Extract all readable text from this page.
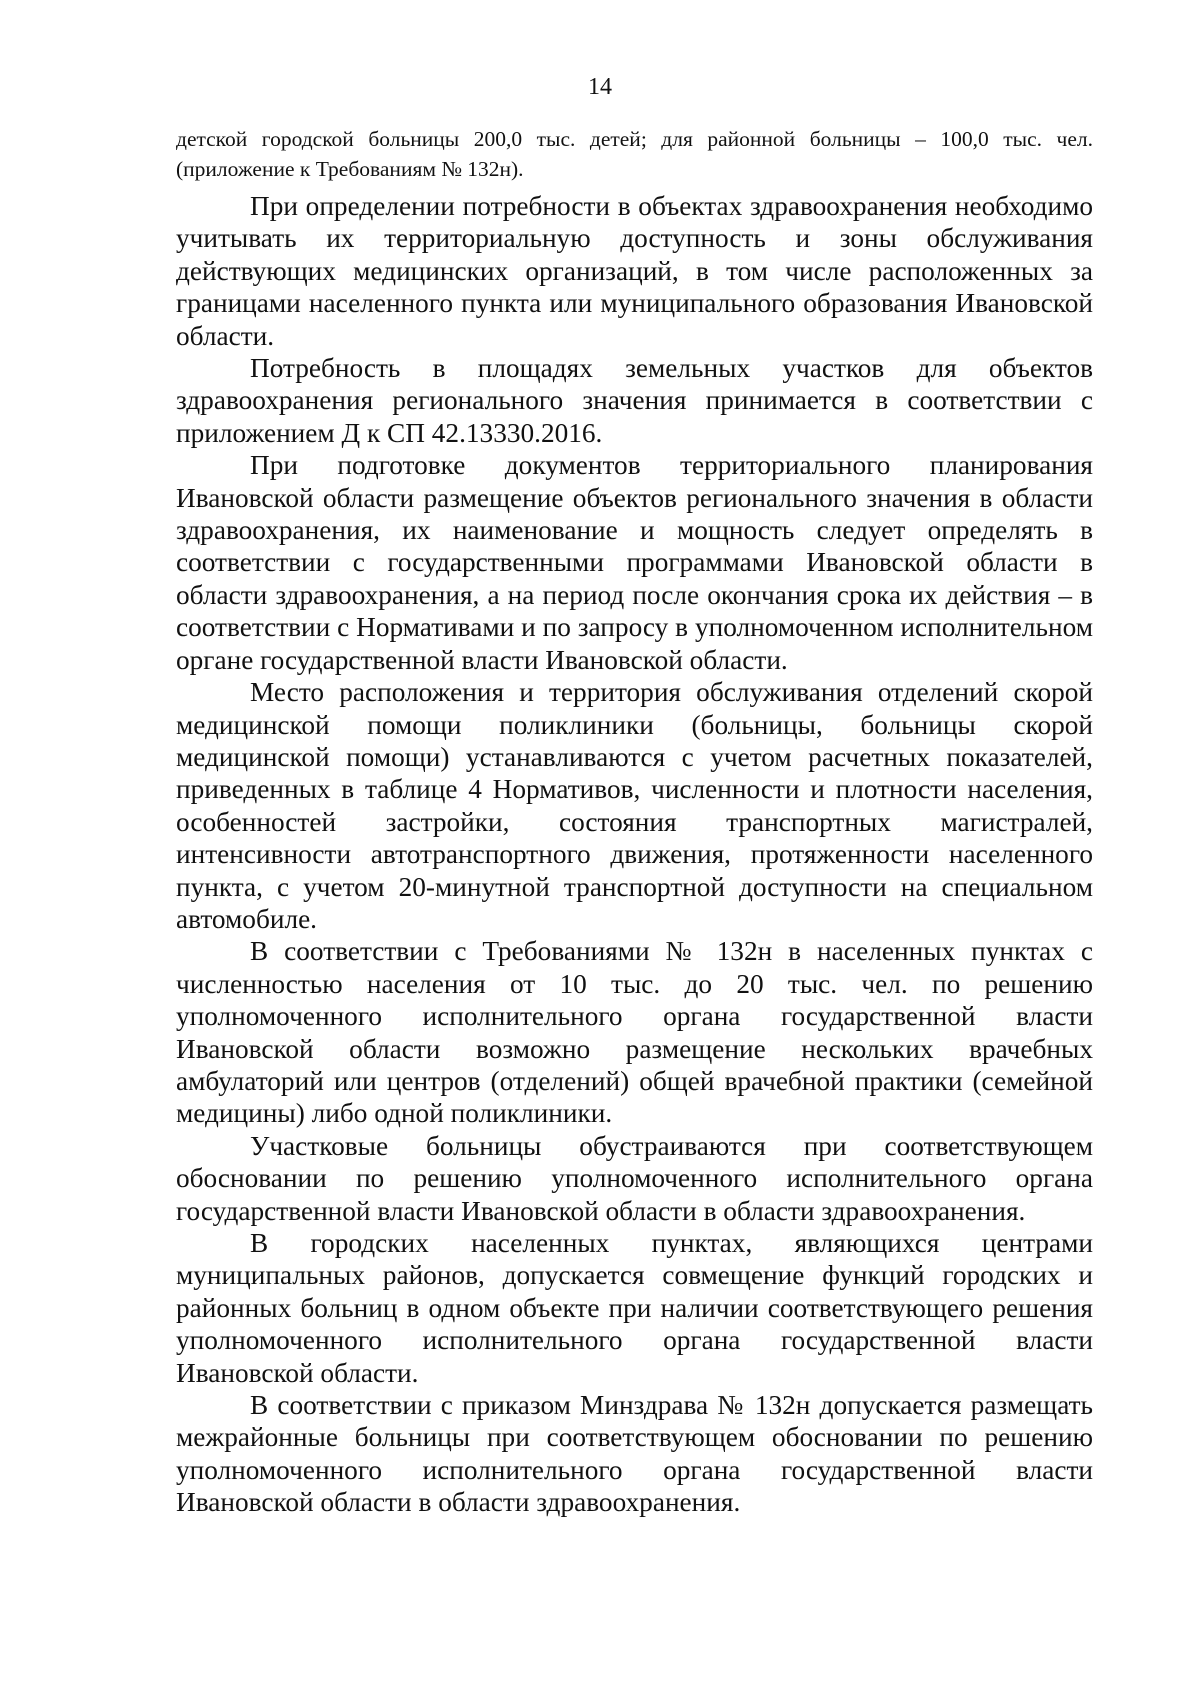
14

детской городской больницы 200,0 тыс. детей; для районной больницы – 100,0 тыс. чел. (приложение к Требованиям № 132н).

При определении потребности в объектах здравоохранения необходимо учитывать их территориальную доступность и зоны обслуживания действующих медицинских организаций, в том числе расположенных за границами населенного пункта или муниципального образования Ивановской области.

Потребность в площадях земельных участков для объектов здравоохранения регионального значения принимается в соответствии с приложением Д к СП 42.13330.2016.

При подготовке документов территориального планирования Ивановской области размещение объектов регионального значения в области здравоохранения, их наименование и мощность следует определять в соответствии с государственными программами Ивановской области в области здравоохранения, а на период после окончания срока их действия – в соответствии с Нормативами и по запросу в уполномоченном исполнительном органе государственной власти Ивановской области.

Место расположения и территория обслуживания отделений скорой медицинской помощи поликлиники (больницы, больницы скорой медицинской помощи) устанавливаются с учетом расчетных показателей, приведенных в таблице 4 Нормативов, численности и плотности населения, особенностей застройки, состояния транспортных магистралей, интенсивности автотранспортного движения, протяженности населенного пункта, с учетом 20-минутной транспортной доступности на специальном автомобиле.

В соответствии с Требованиями № 132н в населенных пунктах с численностью населения от 10 тыс. до 20 тыс. чел. по решению уполномоченного исполнительного органа государственной власти Ивановской области возможно размещение нескольких врачебных амбулаторий или центров (отделений) общей врачебной практики (семейной медицины) либо одной поликлиники.

Участковые больницы обустраиваются при соответствующем обосновании по решению уполномоченного исполнительного органа государственной власти Ивановской области в области здравоохранения.

В городских населенных пунктах, являющихся центрами муниципальных районов, допускается совмещение функций городских и районных больниц в одном объекте при наличии соответствующего решения уполномоченного исполнительного органа государственной власти Ивановской области.

В соответствии с приказом Минздрава № 132н допускается размещать межрайонные больницы при соответствующем обосновании по решению уполномоченного исполнительного органа государственной власти Ивановской области в области здравоохранения.
